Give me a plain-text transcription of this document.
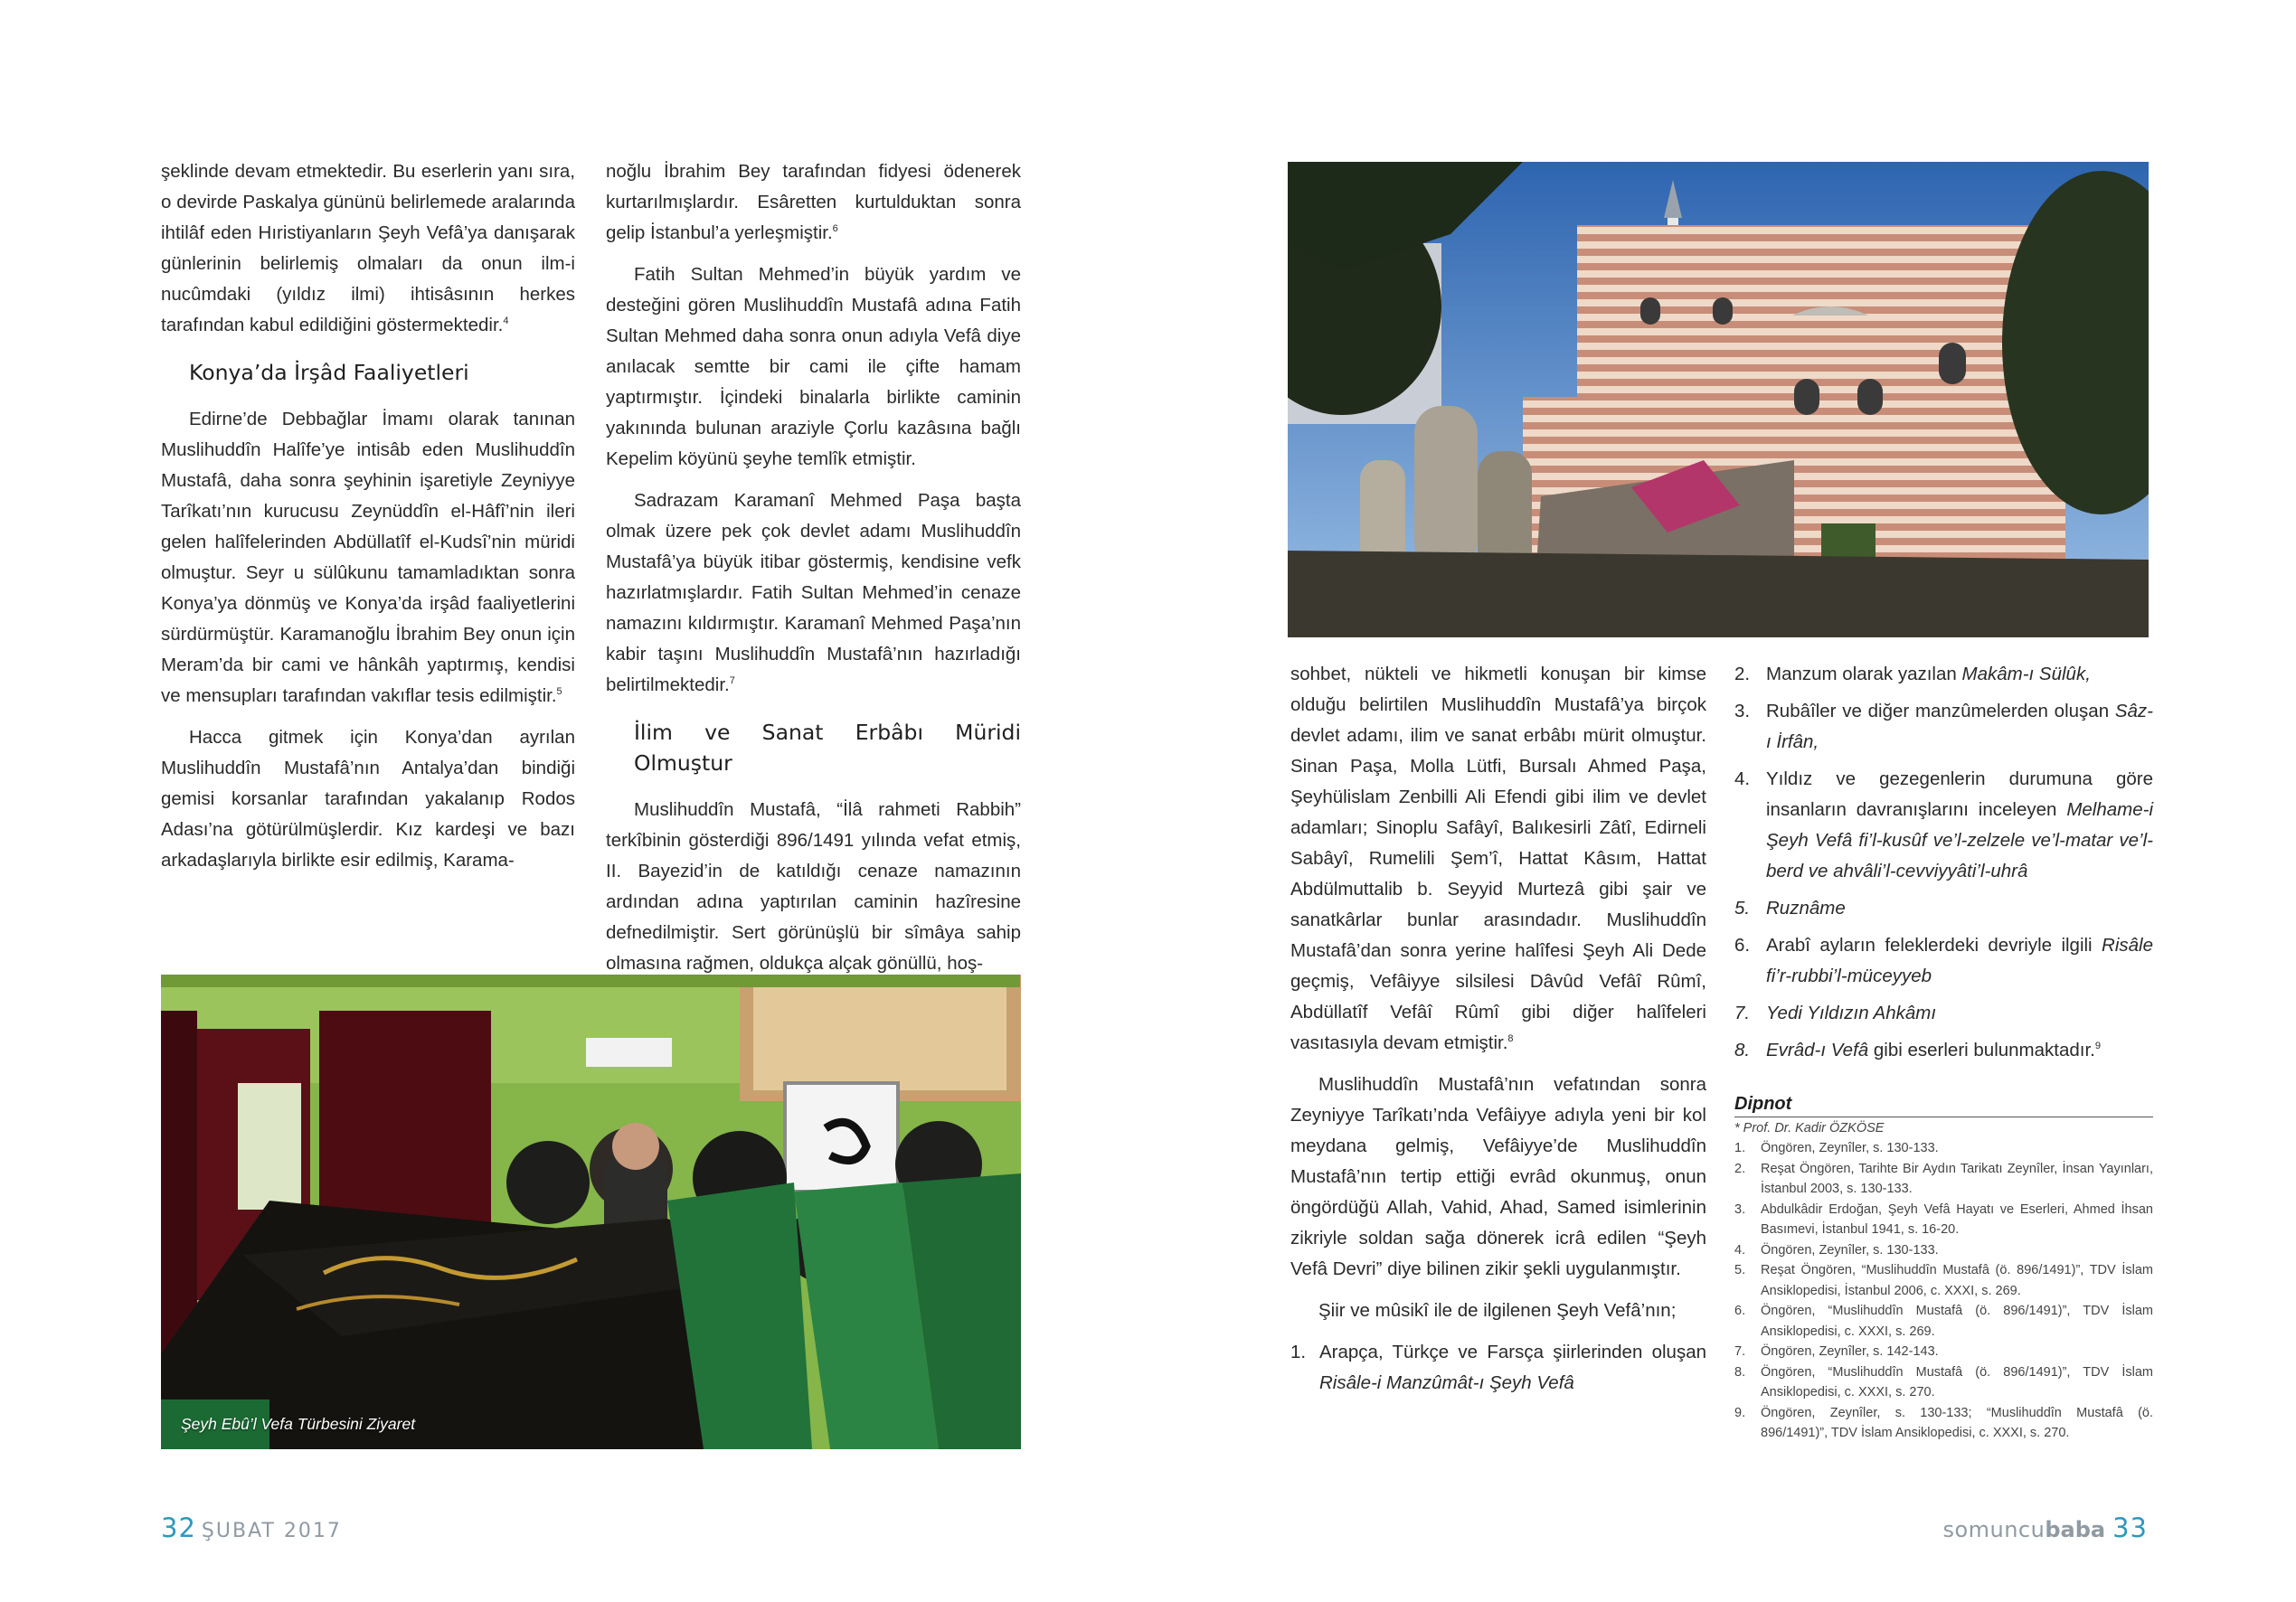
şeklinde devam etmektedir. Bu eserlerin yanı sıra, o devirde Paskalya gününü belirlemede aralarında ihtilâf eden Hıristiyanların Şeyh Vefâ’ya danışarak günlerinin belirlemiş olmaları da onun ilm-i nucûmdaki (yıldız ilmi) ihtisâsının herkes tarafından kabul edildiğini göstermektedir.$^4$

Konya’da İrşâd Faaliyetleri

Edirne’de Debbağlar İmamı olarak tanınan Muslihuddîn Halîfe’ye intisâb eden Muslihuddîn Mustafâ, daha sonra şeyhinin işaretiyle Zeyniyye Tarîkatı’nın kurucusu Zeynüddîn el-Hâfî’nin ileri gelen halîfelerinden Abdüllatîf el-Kudsî’nin müridi olmuştur. Seyr u sülûkunu tamamladıktan sonra Konya’ya dönmüş ve Konya’da irşâd faaliyetlerini sürdürmüştür. Karamanoğlu İbrahim Bey onun için Meram’da bir cami ve hânkâh yaptırmış, kendisi ve mensupları tarafından vakıflar tesis edilmiştir.$^5$

Hacca gitmek için Konya’dan ayrılan Muslihuddîn Mustafâ’nın Antalya’dan bindiği gemisi korsanlar tarafından yakalanıp Rodos Adası’na götürülmüşlerdir. Kız kardeşi ve bazı arkadaşlarıyla birlikte esir edilmiş, Karama-

noğlu İbrahim Bey tarafından fidyesi ödenerek kurtarılmışlardır. Esâretten kurtulduktan sonra gelip İstanbul’a yerleşmiştir.$^6$

Fatih Sultan Mehmed’in büyük yardım ve desteğini gören Muslihuddîn Mustafâ adına Fatih Sultan Mehmed daha sonra onun adıyla Vefâ diye anılacak semtte bir cami ile çifte hamam yaptırmıştır. İçindeki binalarla birlikte caminin yakınında bulunan araziyle Çorlu kazâsına bağlı Kepelim köyünü şeyhe temlîk etmiştir.

Sadrazam Karamanî Mehmed Paşa başta olmak üzere pek çok devlet adamı Muslihuddîn Mustafâ’ya büyük itibar göstermiş, kendisine vefk hazırlatmışlardır. Fatih Sultan Mehmed’in cenaze namazını kıldırmıştır. Karamanî Mehmed Paşa’nın kabir taşını Muslihuddîn Mustafâ’nın hazırladığı belirtilmektedir.$^7$

İlim ve Sanat Erbâbı Müridi Olmuştur

Muslihuddîn Mustafâ, “İlâ rahmeti Rabbih” terkîbinin gösterdiği 896/1491 yılında vefat etmiş, II. Bayezid’in de katıldığı cenaze namazının ardından adına yaptırılan caminin hazîresine defnedilmiştir. Sert görünüşlü bir sîmâya sahip olmasına rağmen, oldukça alçak gönüllü, hoş-

Şeyh Ebû’l Vefa Türbesini Ziyaret
32 ŞUBAT 2017

sohbet, nükteli ve hikmetli konuşan bir kimse olduğu belirtilen Muslihuddîn Mustafâ’ya birçok devlet adamı, ilim ve sanat erbâbı mürit olmuştur. Sinan Paşa, Molla Lütfi, Bursalı Ahmed Paşa, Şeyhülislam Zenbilli Ali Efendi gibi ilim ve devlet adamları; Sinoplu Safâyî, Balıkesirli Zâtî, Edirneli Sabâyî, Rumelili Şem’î, Hattat Kâsım, Hattat Abdülmuttalib b. Seyyid Murtezâ gibi şair ve sanatkârlar bunlar arasındadır. Muslihuddîn Mustafâ’dan sonra yerine halîfesi Şeyh Ali Dede geçmiş, Vefâiyye silsilesi Dâvûd Vefâî Rûmî, Abdüllatîf Vefâî Rûmî gibi diğer halîfeleri vasıtasıyla devam etmiştir.$^8$

Muslihuddîn Mustafâ’nın vefatından sonra Zeyniyye Tarîkatı’nda Vefâiyye adıyla yeni bir kol meydana gelmiş, Vefâiyye’de Muslihuddîn Mustafâ’nın tertip ettiği evrâd okunmuş, onun öngördüğü Allah, Vahid, Ahad, Samed isimlerinin zikriyle soldan sağa dönerek icrâ edilen “Şeyh Vefâ Devri” diye bilinen zikir şekli uygulanmıştır.

Şiir ve mûsikî ile de ilgilenen Şeyh Vefâ’nın;

1. Arapça, Türkçe ve Farsça şiirlerinden oluşan Risâle-i Manzûmât-ı Şeyh Vefâ
2. Manzum olarak yazılan Makâm-ı Sülûk,
3. Rubâîler ve diğer manzûmelerden oluşan Sâz-ı İrfân,
4. Yıldız ve gezegenlerin durumuna göre insanların davranışlarını inceleyen Melhame-i Şeyh Vefâ fi’l-kusûf ve’l-zelzele ve’l-matar ve’l-berd ve ahvâli’l-cevviyyâti’l-uhrâ
5. Ruznâme
6. Arabî ayların feleklerdeki devriyle ilgili Risâle fi’r-rubbi’l-müceyyeb
7. Yedi Yıldızın Ahkâmı
8. Evrâd-ı Vefâ gibi eserleri bulunmaktadır.$^9$
Dipnot
* Prof. Dr. Kadir ÖZKÖSE
1. Öngören, Zeynîler, s. 130-133.
2. Reşat Öngören, Tarihte Bir Aydın Tarikatı Zeynîler, İnsan Yayınları, İstanbul 2003, s. 130-133.
3. Abdulkâdir Erdoğan, Şeyh Vefâ Hayatı ve Eserleri, Ahmed İhsan Basımevi, İstanbul 1941, s. 16-20.
4. Öngören, Zeynîler, s. 130-133.
5. Reşat Öngören, “Muslihuddîn Mustafâ (ö. 896/1491)”, TDV İslam Ansiklopedisi, İstanbul 2006, c. XXXI, s. 269.
6. Öngören, “Muslihuddîn Mustafâ (ö. 896/1491)”, TDV İslam Ansiklopedisi, c. XXXI, s. 269.
7. Öngören, Zeynîler, s. 142-143.
8. Öngören, “Muslihuddîn Mustafâ (ö. 896/1491)”, TDV İslam Ansiklopedisi, c. XXXI, s. 270.
9. Öngören, Zeynîler, s. 130-133; “Muslihuddîn Mustafâ (ö. 896/1491)”, TDV İslam Ansiklopedisi, c. XXXI, s. 270.
somuncubaba 33
